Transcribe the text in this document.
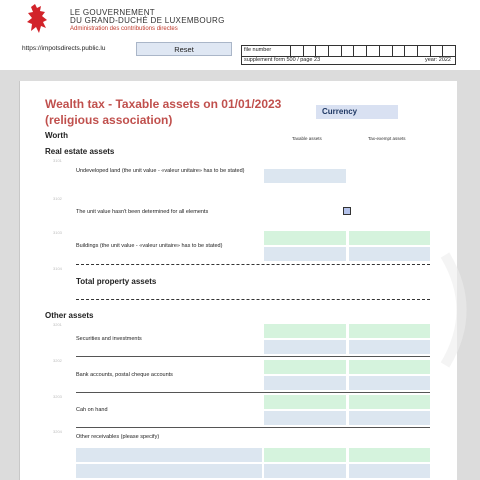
LE GOUVERNEMENT
DU GRAND-DUCHÉ DE LUXEMBOURG
Administration des contributions directes
https://impotsdirects.public.lu	Reset	file number
supplement form 500 / page 23	year: 2022
Wealth tax - Taxable assets on 01/01/2023
(religious association)
Currency
Worth	Taxable assets	Tax-exempt assets
Real estate assets
3101
Undeveloped land (the unit value - «valeur unitaire» has to be stated)
3102
The unit value hasn't been determined for all elements
3103
Buildings (the unit value - «valeur unitaire» has to be stated)
3104
Total property assets
Other assets
3201
Securities and investments
3202
Bank accounts, postal cheque accounts
3203
Cah on hand
3204
Other receivables (please specify)
